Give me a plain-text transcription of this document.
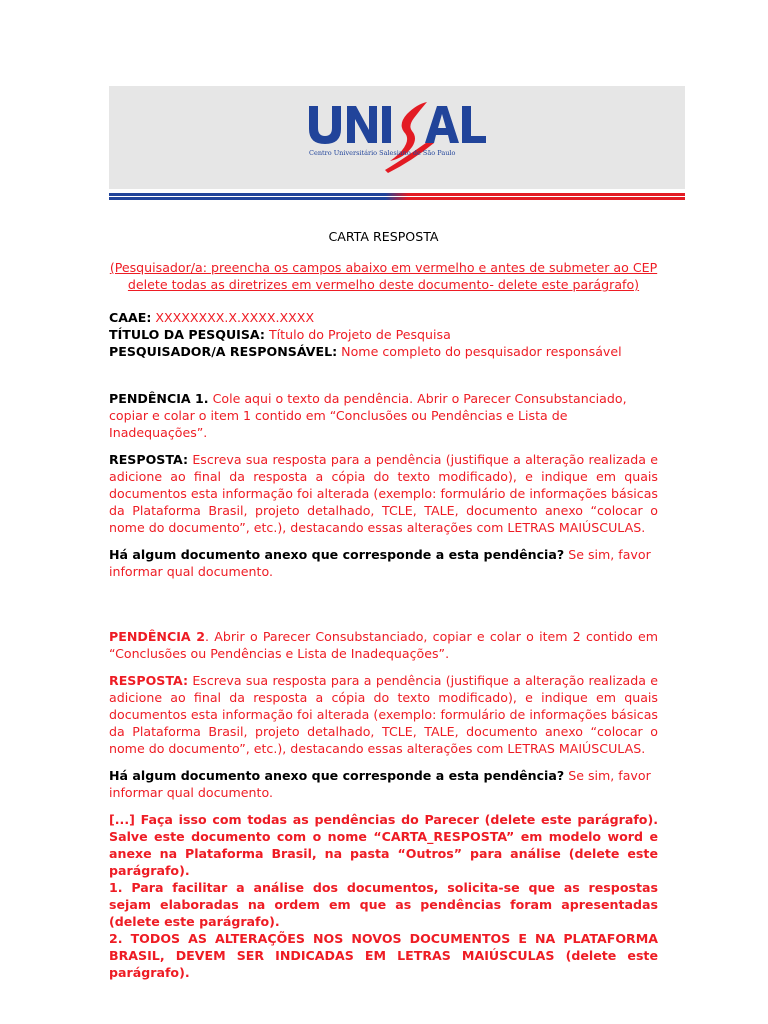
Centro Universitário Salesiano de São Paulo

CARTA RESPOSTA

(Pesquisador/a: preencha os campos abaixo em vermelho e antes de submeter ao CEP delete todas as diretrizes em vermelho deste documento- delete este parágrafo)

CAAE: XXXXXXXX.X.XXXX.XXXX

TÍTULO DA PESQUISA: Título do Projeto de Pesquisa

PESQUISADOR/A RESPONSÁVEL: Nome completo do pesquisador responsável

PENDÊNCIA 1. Cole aqui o texto da pendência. Abrir o Parecer Consubstanciado, copiar e colar o item 1 contido em “Conclusões ou Pendências e Lista de Inadequações”.

RESPOSTA: Escreva sua resposta para a pendência (justifique a alteração realizada e adicione ao final da resposta a cópia do texto modificado), e indique em quais documentos esta informação foi alterada (exemplo: formulário de informações básicas da Plataforma Brasil, projeto detalhado, TCLE, TALE, documento anexo “colocar o nome do documento”, etc.), destacando essas alterações com LETRAS MAIÚSCULAS.

Há algum documento anexo que corresponde a esta pendência? Se sim, favor informar qual documento.

PENDÊNCIA 2. Abrir o Parecer Consubstanciado, copiar e colar o item 2 contido em “Conclusões ou Pendências e Lista de Inadequações”.

RESPOSTA: Escreva sua resposta para a pendência (justifique a alteração realizada e adicione ao final da resposta a cópia do texto modificado), e indique em quais documentos esta informação foi alterada (exemplo: formulário de informações básicas da Plataforma Brasil, projeto detalhado, TCLE, TALE, documento anexo “colocar o nome do documento”, etc.), destacando essas alterações com LETRAS MAIÚSCULAS.

Há algum documento anexo que corresponde a esta pendência? Se sim, favor informar qual documento.

[...] Faça isso com todas as pendências do Parecer (delete este parágrafo). Salve este documento com o nome “CARTA_RESPOSTA” em modelo word e anexe na Plataforma Brasil, na pasta “Outros” para análise (delete este parágrafo).

1. Para facilitar a análise dos documentos, solicita-se que as respostas sejam elaboradas na ordem em que as pendências foram apresentadas (delete este parágrafo).

2. TODOS AS ALTERAÇÕES NOS NOVOS DOCUMENTOS E NA PLATAFORMA BRASIL, DEVEM SER INDICADAS EM LETRAS MAIÚSCULAS (delete este parágrafo).
